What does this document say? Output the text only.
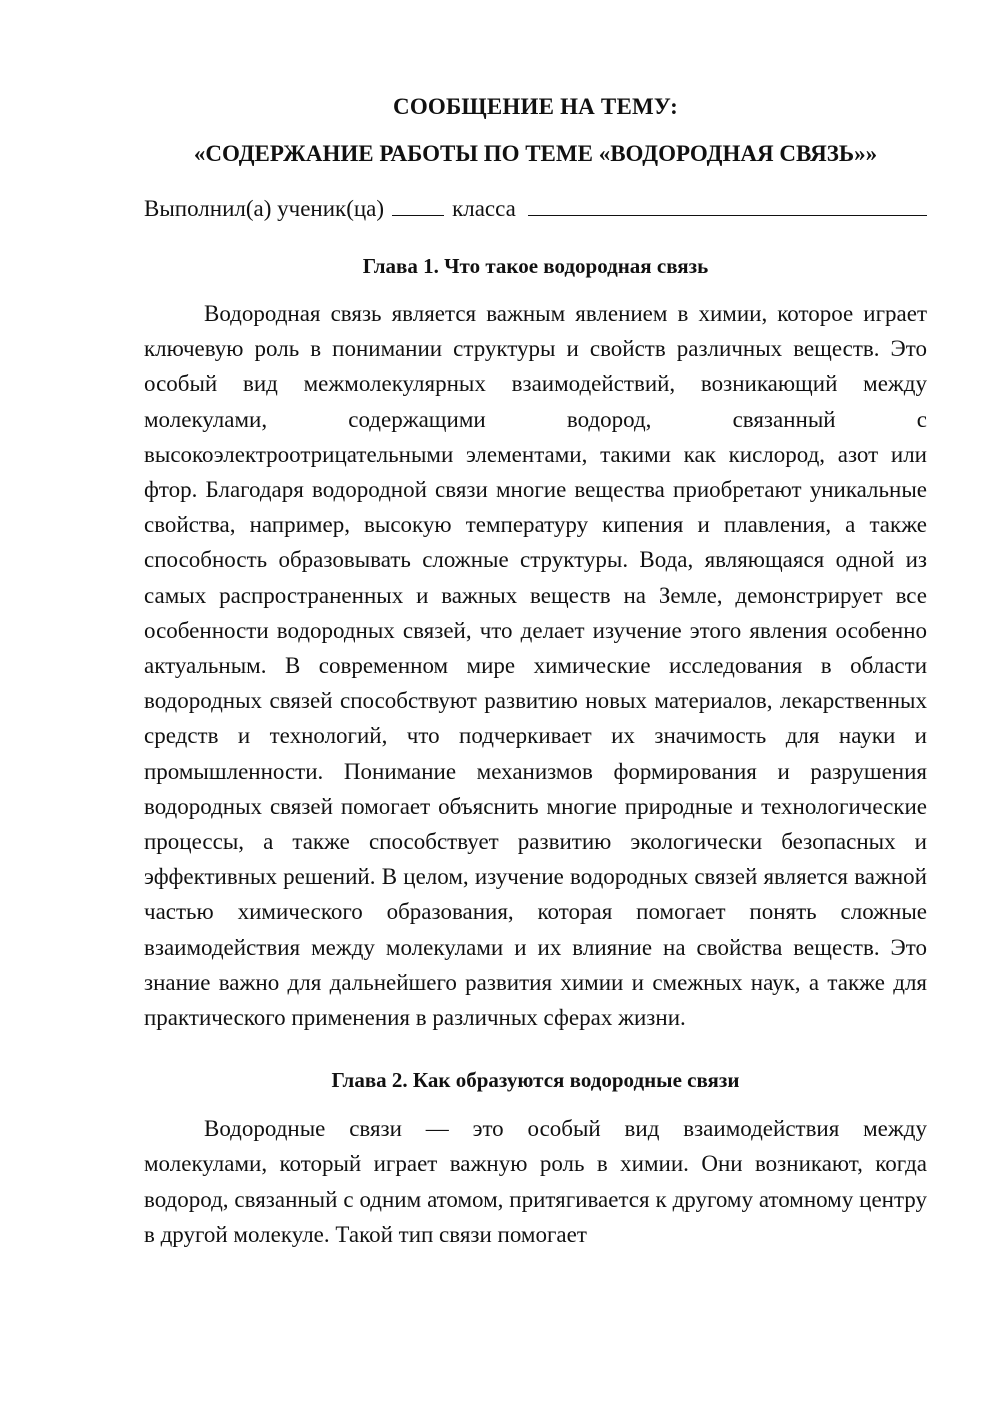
СООБЩЕНИЕ НА ТЕМУ:
«СОДЕРЖАНИЕ РАБОТЫ ПО ТЕМЕ «ВОДОРОДНАЯ СВЯЗЬ»»
Выполнил(а) ученик(ца)	класса
Глава 1. Что такое водородная связь

Водородная связь является важным явлением в химии, которое играет ключевую роль в понимании структуры и свойств различных веществ. Это особый вид межмолекулярных взаимодействий, возникающий между молекулами, содержащими водород, связанный с высокоэлектроотрицательными элементами, такими как кислород, азот или фтор. Благодаря водородной связи многие вещества приобретают уникальные свойства, например, высокую температуру кипения и плавления, а также способность образовывать сложные структуры. Вода, являющаяся одной из самых распространенных и важных веществ на Земле, демонстрирует все особенности водородных связей, что делает изучение этого явления особенно актуальным. В современном мире химические исследования в области водородных связей способствуют развитию новых материалов, лекарственных средств и технологий, что подчеркивает их значимость для науки и промышленности. Понимание механизмов формирования и разрушения водородных связей помогает объяснить многие природные и технологические процессы, а также способствует развитию экологически безопасных и эффективных решений. В целом, изучение водородных связей является важной частью химического образования, которая помогает понять сложные взаимодействия между молекулами и их влияние на свойства веществ. Это знание важно для дальнейшего развития химии и смежных наук, а также для практического применения в различных сферах жизни.

Глава 2. Как образуются водородные связи

Водородные связи — это особый вид взаимодействия между молекулами, который играет важную роль в химии. Они возникают, когда водород, связанный с одним атомом, притягивается к другому атомному центру в другой молекуле. Такой тип связи помогает
